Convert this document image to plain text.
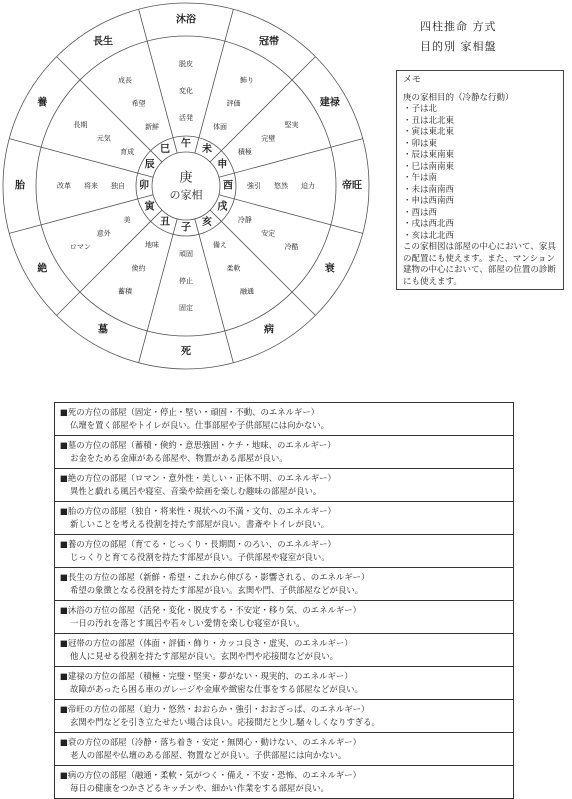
沐浴
午
活発
変化
脱皮
冠帯
未
体面
評価
飾り
建禄
申
積極
完璧
堅実
帝旺
酉 強引 悠然 迫力
衰
戌
冷静
安定
冷酷
病
亥
備え
柔軟
融通
死
子
頑固
停止
固定
墓
丑
地味
倹約
蓄積
絶
寅
美
意外
ロマン
胎	卯
独自
将来
改革
養
辰
育成
元気
長期
長生
巳
新鮮
希望
成長
庚
の家相
四柱推命 方式
目的別 家相盤
メモ
庚の家相目的（冷静な行動）
・子は北
・丑は北北東
・寅は東北東
・卯は東
・辰は東南東
・巳は南南東
・午は南
・未は南南西
・申は西南西
・酉は西
・戌は西北西
・亥は北北西
この家相図は部屋の中心において、家具の配置にも使えます。また、マンション建物の中心において、部屋の位置の診断にも使えます。
■死の方位の部屋（固定・停止・堅い・頑固・不動、のエネルギー）
仏壇を置く部屋やトイレが良い。仕事部屋や子供部屋には向かない。

■墓の方位の部屋（蓄積・倹約・意思強固・ケチ・地味、のエネルギー）
お金をためる金庫がある部屋や、物置がある部屋が良い。

■絶の方位の部屋（ロマン・意外性・美しい・正体不明、のエネルギー）
異性と戯れる風呂や寝室、音楽や絵画を楽しむ趣味の部屋が良い。

■胎の方位の部屋（独自・将来性・現状への不満・文句、のエネルギー）
新しいことを考える役割を持たす部屋が良い。書斎やトイレが良い。

■養の方位の部屋（育てる・じっくり・長期間・のろい、のエネルギー）
じっくりと育てる役割を持たす部屋が良い。子供部屋や寝室が良い。

■長生の方位の部屋（新鮮・希望・これから伸びる・影響される、のエネルギー）
希望の象徴となる役割を持たす部屋が良い。玄関や門、子供部屋などが良い。

■沐浴の方位の部屋（活発・変化・脱皮する・不安定・移り気、のエネルギー）
一日の汚れを落とす風呂や若々しい愛情を楽しむ寝室が良い。

■冠帯の方位の部屋（体面・評価・飾り・カッコ良さ・虚実、のエネルギー）
他人に見せる役割を持たす部屋が良い。玄関や門や応接間などが良い。

■建禄の方位の部屋（積極・完璧・堅実・夢がない・現実的、のエネルギー）
故障があったら困る車のガレージや金庫や緻密な仕事をする部屋などが良い。

■帝旺の方位の部屋（迫力・悠然・おおらか・強引・おおざっぱ、のエネルギー）
玄関や門などを引き立たせたい場合は良い。応接間だと少し騒々しくなりすぎる。

■衰の方位の部屋（冷静・落ち着き・安定・無関心・動けない、のエネルギー）
老人の部屋や仏壇のある部屋、物置などが良い。子供部屋には向かない。

■病の方位の部屋（融通・柔軟・気がつく・備え・不安・恐怖、のエネルギー）
毎日の健康をつかさどるキッチンや、細かい作業をする部屋が良い。
